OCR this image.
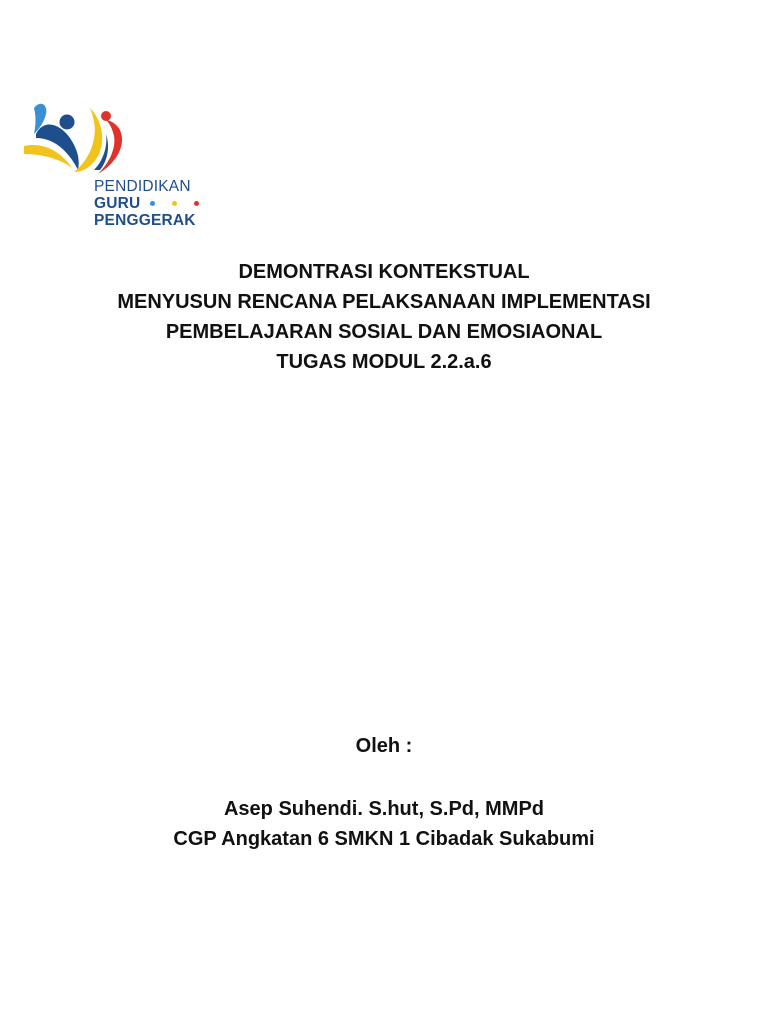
PENDIDIKAN
GURU
PENGGERAK
DEMONTRASI KONTEKSTUAL
MENYUSUN RENCANA PELAKSANAAN IMPLEMENTASI
PEMBELAJARAN SOSIAL DAN EMOSIAONAL
TUGAS MODUL 2.2.a.6
Oleh :
Asep Suhendi. S.hut, S.Pd, MMPd
CGP Angkatan 6 SMKN 1 Cibadak Sukabumi
